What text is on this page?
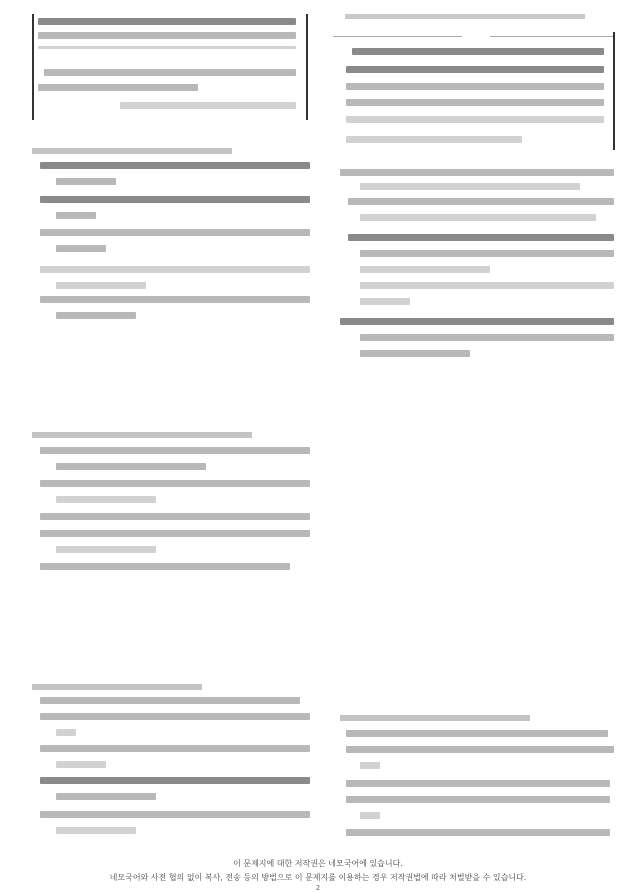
이 문제지에 대한 저작권은 네모국어에 있습니다.
네모국어와 사전 협의 없이 복사, 전송 등의 방법으로 이 문제지를 이용하는 경우 저작권법에 따라 처벌받을 수 있습니다.
2
